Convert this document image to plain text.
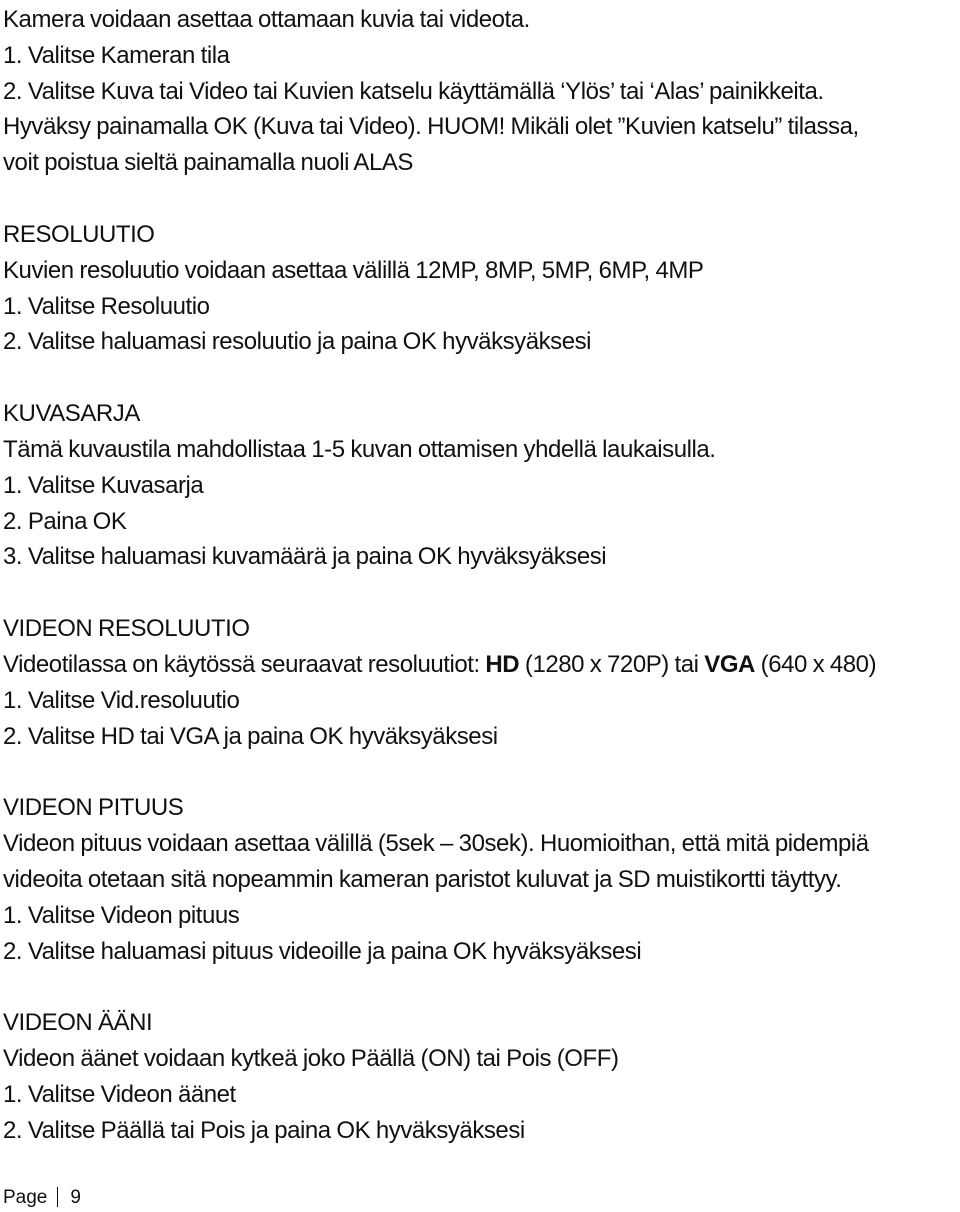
Kamera voidaan asettaa ottamaan kuvia tai videota.

1. Valitse Kameran tila

2. Valitse Kuva tai Video tai Kuvien katselu käyttämällä ‘Ylös’ tai ‘Alas’ painikkeita.

Hyväksy painamalla OK (Kuva tai Video). HUOM! Mikäli olet ”Kuvien katselu” tilassa,

voit poistua sieltä painamalla nuoli ALAS

RESOLUUTIO

Kuvien resoluutio voidaan asettaa välillä 12MP, 8MP, 5MP, 6MP, 4MP

1. Valitse Resoluutio

2. Valitse haluamasi resoluutio ja paina OK hyväksyäksesi

KUVASARJA

Tämä kuvaustila mahdollistaa 1-5 kuvan ottamisen yhdellä laukaisulla.

1. Valitse Kuvasarja

2. Paina OK

3. Valitse haluamasi kuvamäärä ja paina OK hyväksyäksesi

VIDEON RESOLUUTIO

Videotilassa on käytössä seuraavat resoluutiot: HD (1280 x 720P) tai VGA (640 x 480)

1. Valitse Vid.resoluutio

2. Valitse HD tai VGA ja paina OK hyväksyäksesi

VIDEON PITUUS

Videon pituus voidaan asettaa välillä (5sek – 30sek). Huomioithan, että mitä pidempiä

videoita otetaan sitä nopeammin kameran paristot kuluvat ja SD muistikortti täyttyy.

1. Valitse Videon pituus

2. Valitse haluamasi pituus videoille ja paina OK hyväksyäksesi

VIDEON ÄÄNI

Videon äänet voidaan kytkeä joko Päällä (ON) tai Pois (OFF)

1. Valitse Videon äänet

2. Valitse Päällä tai Pois ja paina OK hyväksyäksesi

Page 9
